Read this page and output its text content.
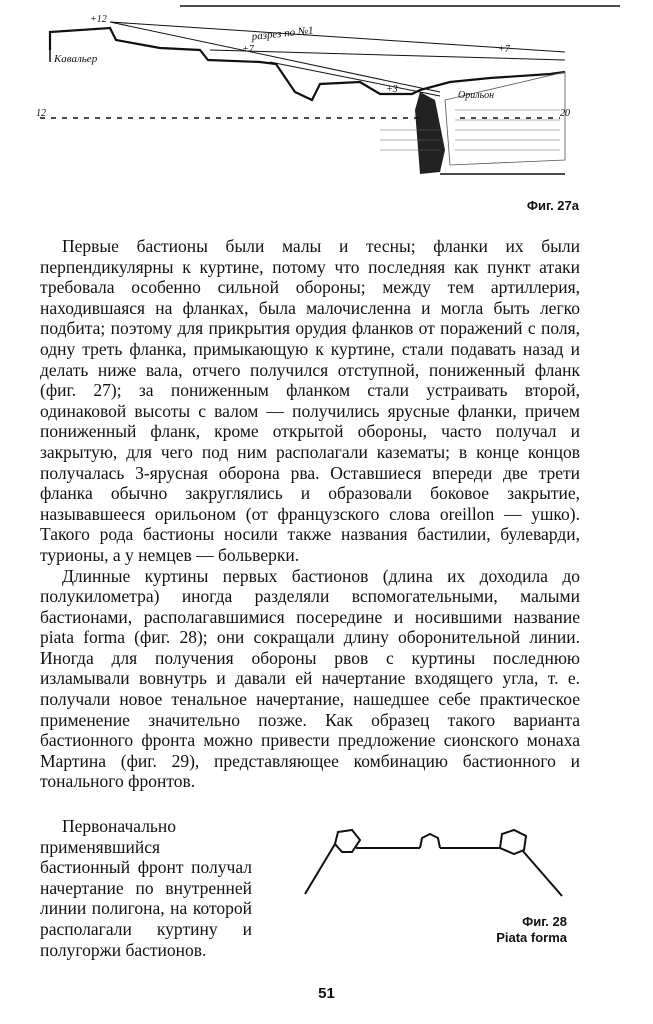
+12
разрез по №1
Кавальер
+7	+7
+3
Орильон
12	20
Фиг. 27а

Первые бастионы были малы и тесны; фланки их были перпендикулярны к куртине, потому что последняя как пункт атаки требовала особенно сильной обороны; между тем артиллерия, находившаяся на фланках, была малочисленна и могла быть легко подбита; поэтому для прикрытия орудия фланков от поражений с поля, одну треть фланка, примыкающую к куртине, стали подавать назад и делать ниже вала, отчего получился отступной, пониженный фланк (фиг. 27); за пониженным фланком стали устраивать второй, одинаковой высоты с валом — получились ярусные фланки, причем пониженный фланк, кроме открытой обороны, часто получал и закрытую, для чего под ним располагали казематы; в конце концов получалась 3-ярусная оборона рва. Оставшиеся впереди две трети фланка обычно закруглялись и образовали боковое закрытие, называвшееся орильоном (от французского слова oreillon — ушко). Такого рода бастионы носили также названия бастилии, булеварди, турионы, а у немцев — больверки.

Длинные куртины первых бастионов (длина их доходила до полукилометра) иногда разделяли вспомогательными, малыми бастионами, располагавшимися посередине и носившими название piata forma (фиг. 28); они сокращали длину оборонительной линии. Иногда для получения обороны рвов с куртины последнюю изламывали вовнутрь и давали ей начертание входящего угла, т. е. получали новое тенальное начертание, нашедшее себе практическое применение значительно позже. Как образец такого варианта бастионного фронта можно привести предложение сионского монаха Мартина (фиг. 29), представляющее комбинацию бастионного и тонального фронтов.

Первоначально применявшийся бастионный фронт получал начертание по внутренней линии полигона, на которой располагали куртину и полугоржи бастионов.

Фиг. 28
Piata forma
51
